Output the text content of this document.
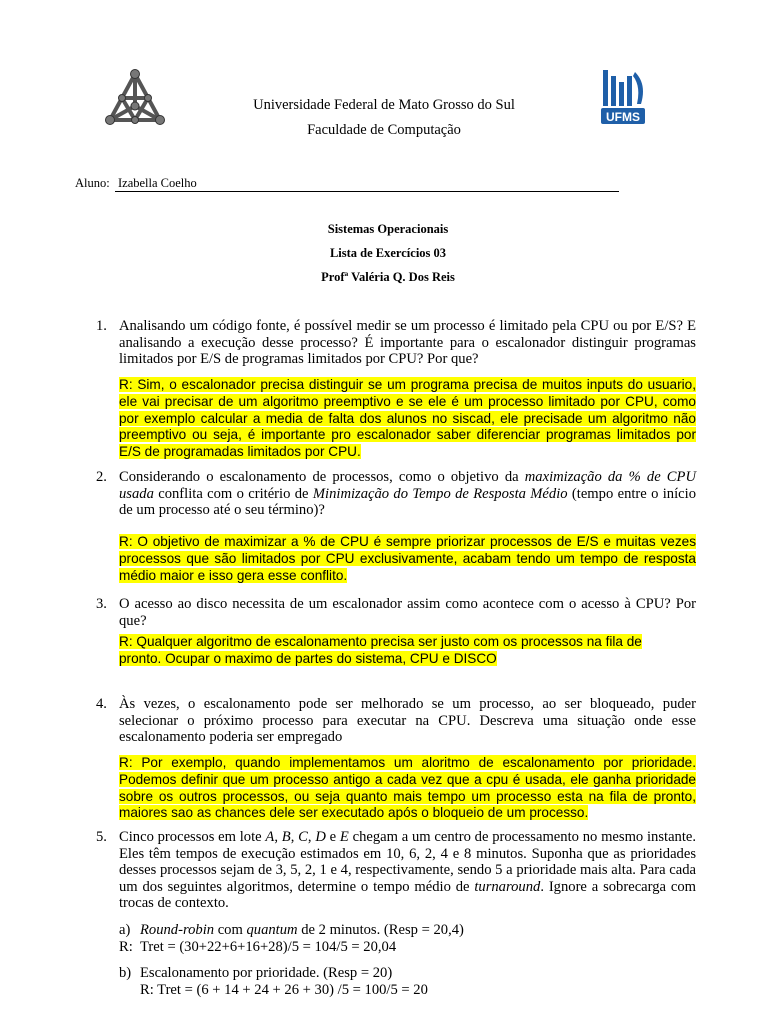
UFMS
Universidade Federal de Mato Grosso do Sul
Faculdade de Computação
Aluno: Izabella Coelho
Sistemas Operacionais
Lista de Exercícios 03
Profª Valéria Q. Dos Reis
1. Analisando um código fonte, é possível medir se um processo é limitado pela CPU ou por E/S? E analisando a execução desse processo? É importante para o escalonador distinguir programas limitados por E/S de programas limitados por CPU? Por que?
R: Sim, o escalonador precisa distinguir se um programa precisa de muitos inputs do usuario, ele vai precisar de um algoritmo preemptivo e se ele é um processo limitado por CPU, como por exemplo calcular a media de falta dos alunos no siscad, ele precisade um algoritmo não preemptivo ou seja, é importante pro escalonador saber diferenciar programas limitados por E/S de programadas limitados por CPU.
2. Considerando o escalonamento de processos, como o objetivo da maximização da % de CPU usada conflita com o critério de Minimização do Tempo de Resposta Médio (tempo entre o início de um processo até o seu término)?
R: O objetivo de maximizar a % de CPU é sempre priorizar processos de E/S e muitas vezes processos que são limitados por CPU exclusivamente, acabam tendo um tempo de resposta médio maior e isso gera esse conflito.
3. O acesso ao disco necessita de um escalonador assim como acontece com o acesso à CPU? Por que?
R: Qualquer algoritmo de escalonamento precisa ser justo com os processos na fila de
pronto. Ocupar o maximo de partes do sistema, CPU e DISCO
4. Às vezes, o escalonamento pode ser melhorado se um processo, ao ser bloqueado, puder selecionar o próximo processo para executar na CPU. Descreva uma situação onde esse escalonamento poderia ser empregado
R: Por exemplo, quando implementamos um aloritmo de escalonamento por prioridade. Podemos definir que um processo antigo a cada vez que a cpu é usada, ele ganha prioridade sobre os outros processos, ou seja quanto mais tempo um processo esta na fila de pronto, maiores sao as chances dele ser executado após o bloqueio de um processo.
5. Cinco processos em lote A, B, C, D e E chegam a um centro de processamento no mesmo instante. Eles têm tempos de execução estimados em 10, 6, 2, 4 e 8 minutos. Suponha que as prioridades desses processos sejam de 3, 5, 2, 1 e 4, respectivamente, sendo 5 a prioridade mais alta. Para cada um dos seguintes algoritmos, determine o tempo médio de turnaround. Ignore a sobrecarga com trocas de contexto.
a) Round-robin com quantum de 2 minutos. (Resp = 20,4)
R: Tret = (30+22+6+16+28)/5 = 104/5 = 20,04
b) Escalonamento por prioridade. (Resp = 20)
R: Tret = (6 + 14 + 24 + 26 + 30) /5 = 100/5 = 20
